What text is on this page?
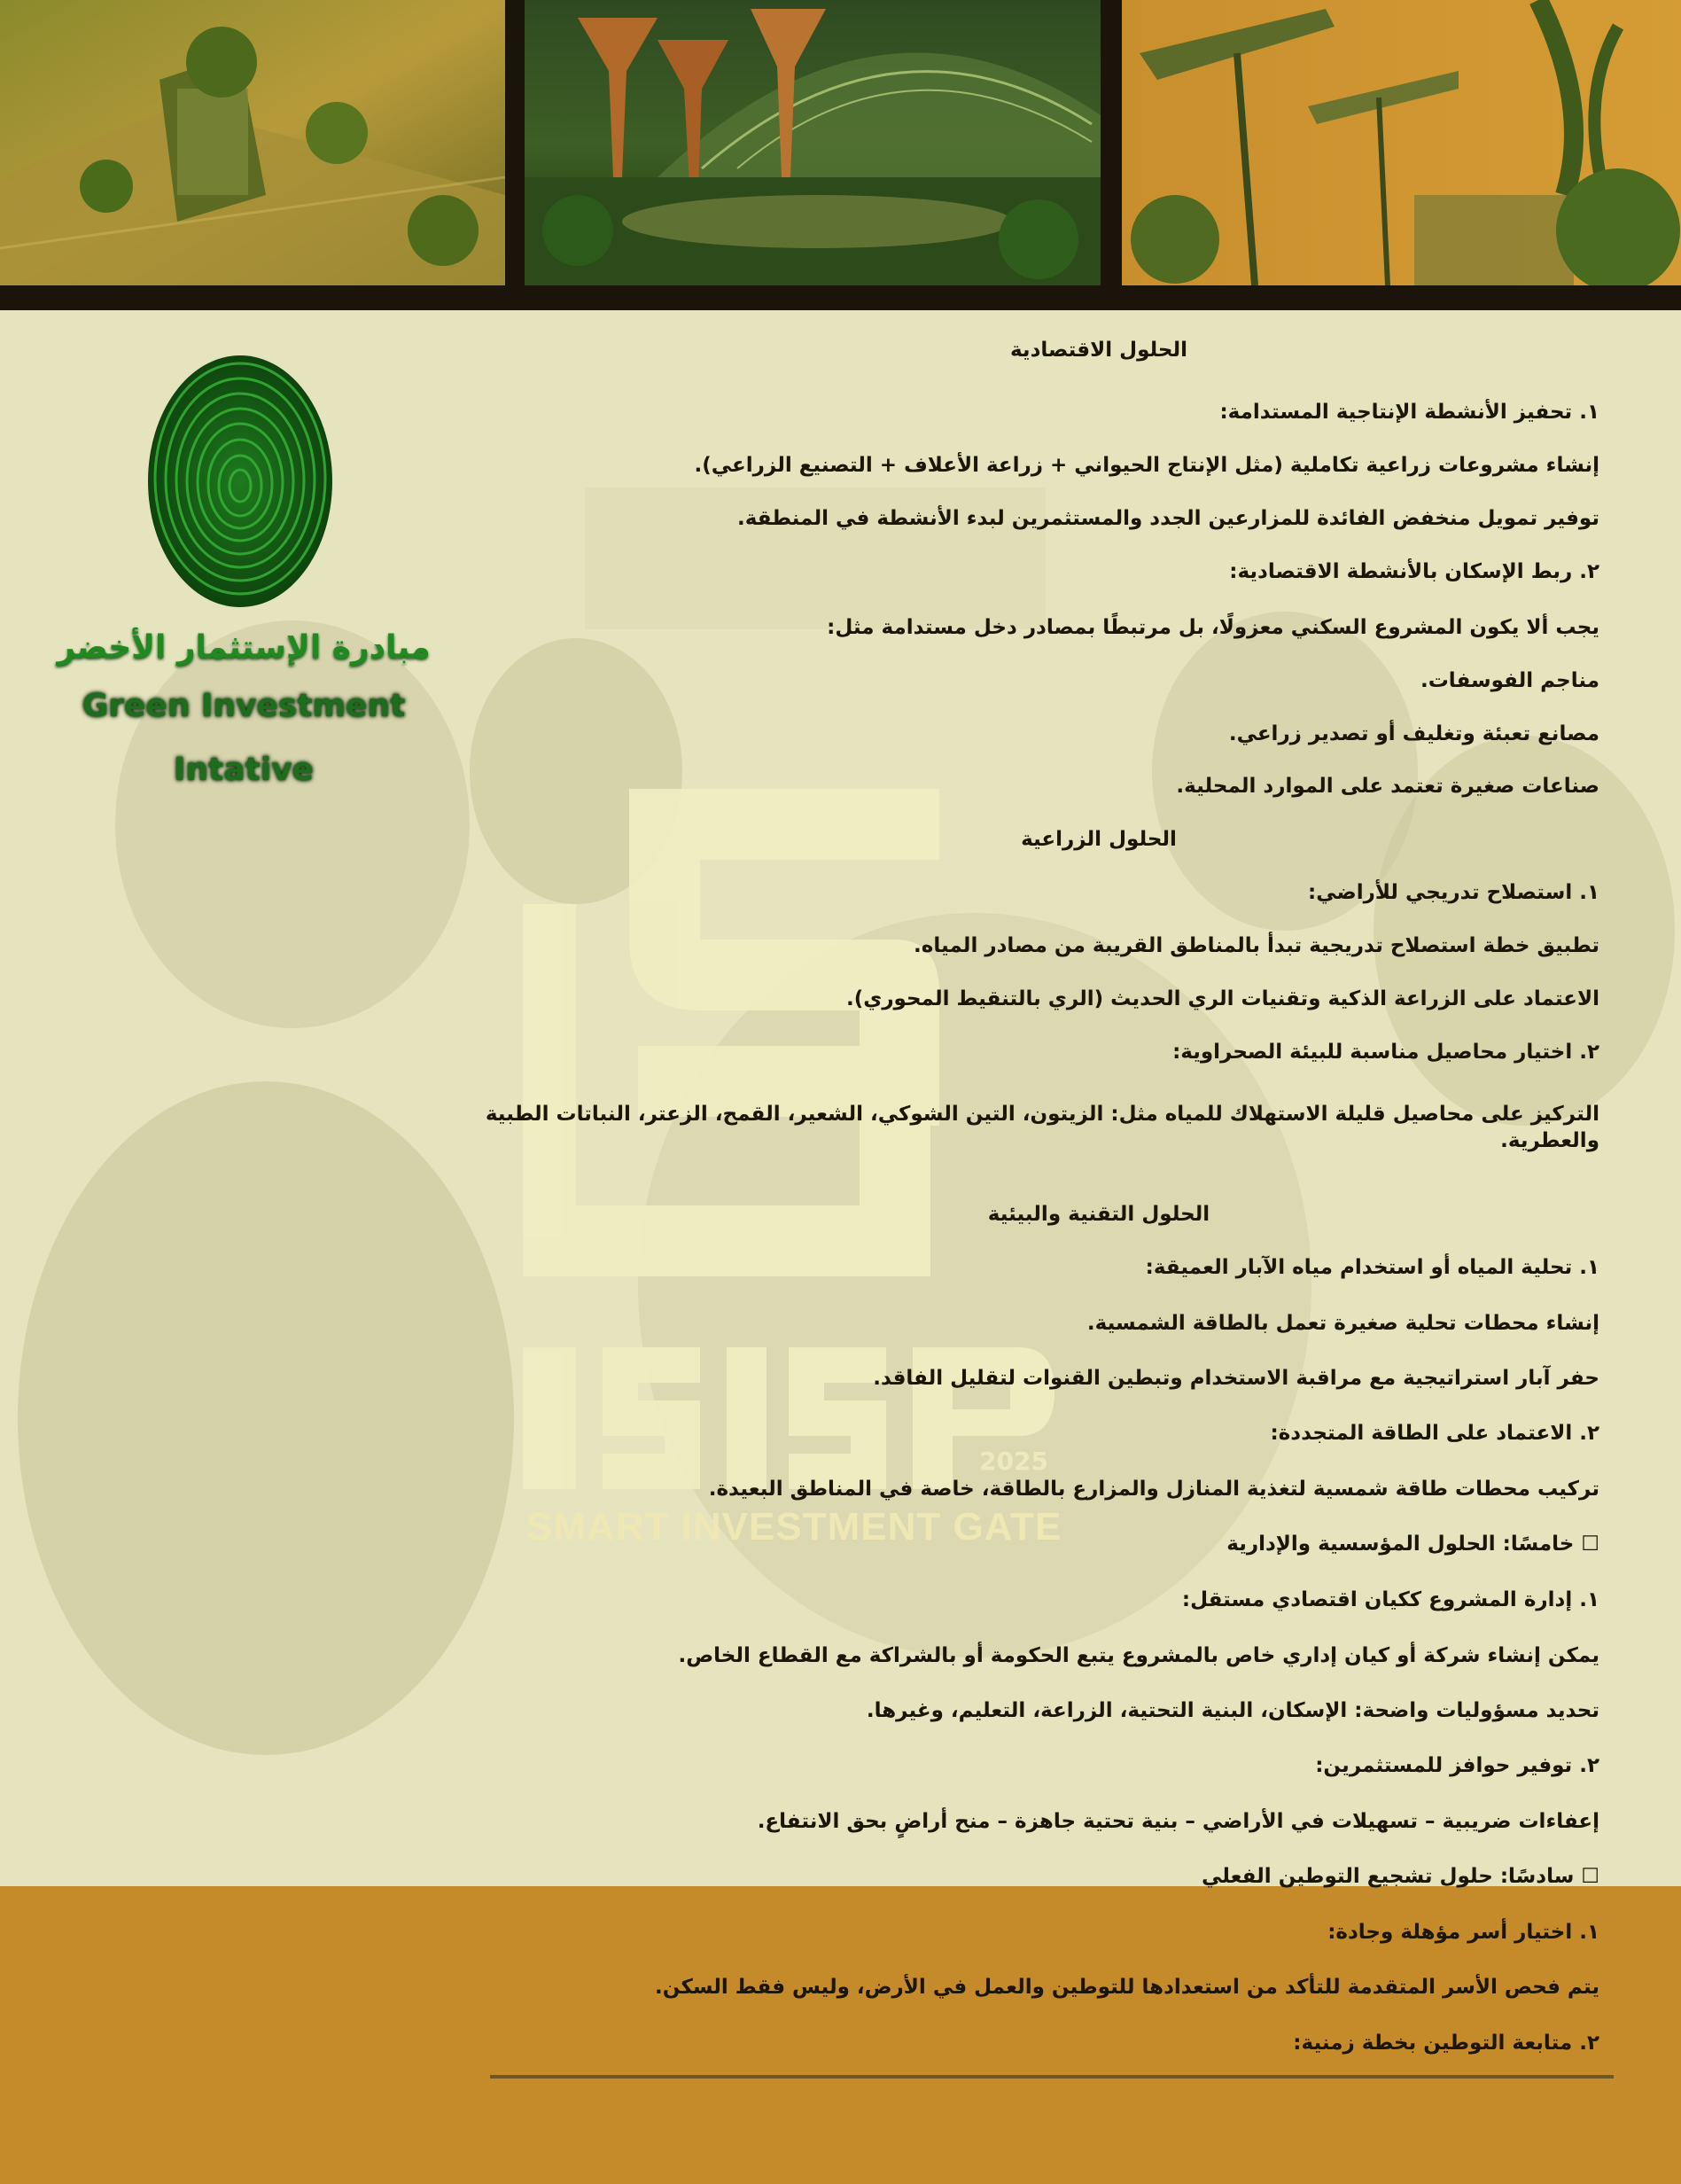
2025
SMART INVESTMENT GATE
مبادرة الإستثمار الأخضر
Green Investment
Intative

الحلول الاقتصادية

١. تحفيز الأنشطة الإنتاجية المستدامة:

إنشاء مشروعات زراعية تكاملية (مثل الإنتاج الحيواني + زراعة الأعلاف + التصنيع الزراعي).

توفير تمويل منخفض الفائدة للمزارعين الجدد والمستثمرين لبدء الأنشطة في المنطقة.

٢. ربط الإسكان بالأنشطة الاقتصادية:

يجب ألا يكون المشروع السكني معزولًا، بل مرتبطًا بمصادر دخل مستدامة مثل:

مناجم الفوسفات.

مصانع تعبئة وتغليف أو تصدير زراعي.

صناعات صغيرة تعتمد على الموارد المحلية.

الحلول الزراعية

١. استصلاح تدريجي للأراضي:

تطبيق خطة استصلاح تدريجية تبدأ بالمناطق القريبة من مصادر المياه.

الاعتماد على الزراعة الذكية وتقنيات الري الحديث (الري بالتنقيط المحوري).

٢. اختيار محاصيل مناسبة للبيئة الصحراوية:

التركيز على محاصيل قليلة الاستهلاك للمياه مثل: الزيتون، التين الشوكي، الشعير، القمح، الزعتر، النباتات الطبية

والعطرية.

الحلول التقنية والبيئية

١. تحلية المياه أو استخدام مياه الآبار العميقة:

إنشاء محطات تحلية صغيرة تعمل بالطاقة الشمسية.

حفر آبار استراتيجية مع مراقبة الاستخدام وتبطين القنوات لتقليل الفاقد.

٢. الاعتماد على الطاقة المتجددة:

تركيب محطات طاقة شمسية لتغذية المنازل والمزارع بالطاقة، خاصة في المناطق البعيدة.

☐ خامسًا: الحلول المؤسسية والإدارية

١. إدارة المشروع ككيان اقتصادي مستقل:

يمكن إنشاء شركة أو كيان إداري خاص بالمشروع يتبع الحكومة أو بالشراكة مع القطاع الخاص.

تحديد مسؤوليات واضحة: الإسكان، البنية التحتية، الزراعة، التعليم، وغيرها.

٢. توفير حوافز للمستثمرين:

إعفاءات ضريبية – تسهيلات في الأراضي – بنية تحتية جاهزة – منح أراضٍ بحق الانتفاع.

☐ سادسًا: حلول تشجيع التوطين الفعلي

١. اختيار أسر مؤهلة وجادة:

يتم فحص الأسر المتقدمة للتأكد من استعدادها للتوطين والعمل في الأرض، وليس فقط السكن.

٢. متابعة التوطين بخطة زمنية:
